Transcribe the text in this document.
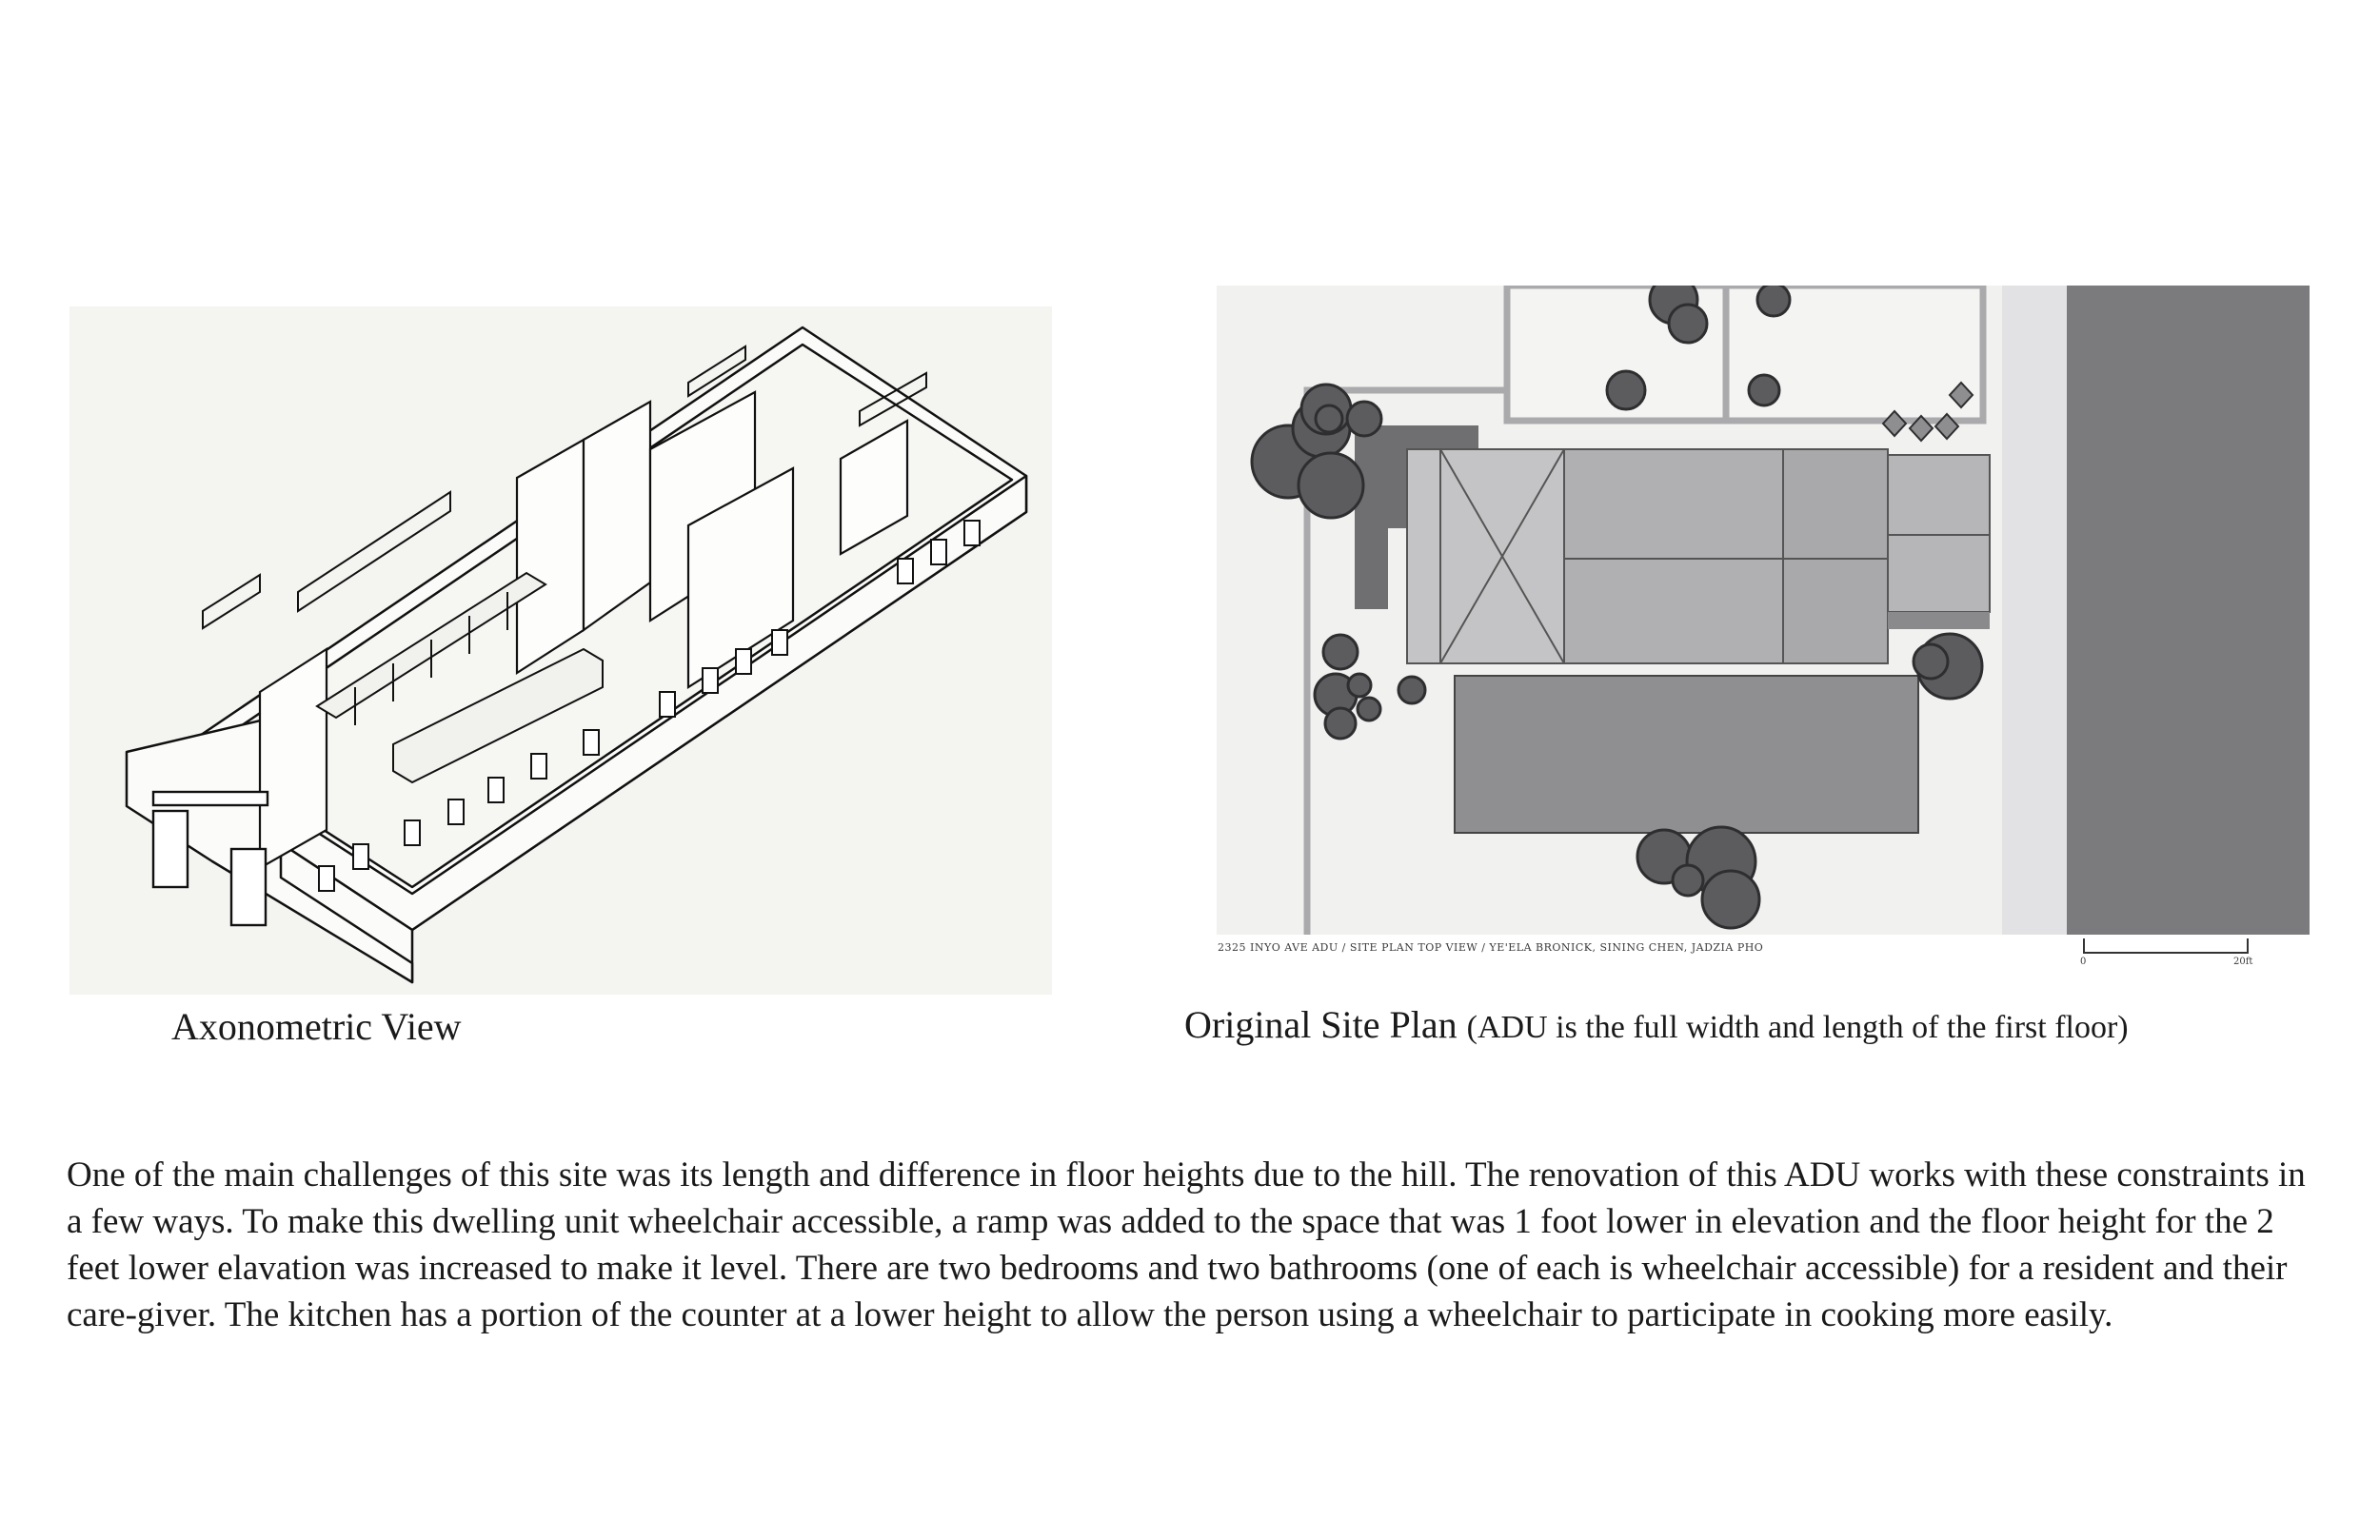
2325 INYO AVE ADU / SITE PLAN TOP VIEW / YE'ELA BRONICK, SINING CHEN, JADZIA PHO
0	20ft
Axonometric View	Original Site Plan (ADU is the full width and length of the first floor)

One of the main challenges of this site was its length and difference in floor heights due to the hill. The renovation of this ADU works with these constraints in a few ways. To make this dwelling unit wheelchair accessible, a ramp was added to the space that was 1 foot lower in elevation and the floor height for the 2 feet lower elavation was increased to make it level. There are two bedrooms and two bathrooms (one of each is wheelchair accessible) for a resident and their care-giver. The kitchen has a portion of the counter at a lower height to allow the person using a wheelchair to participate in cooking more easily.
